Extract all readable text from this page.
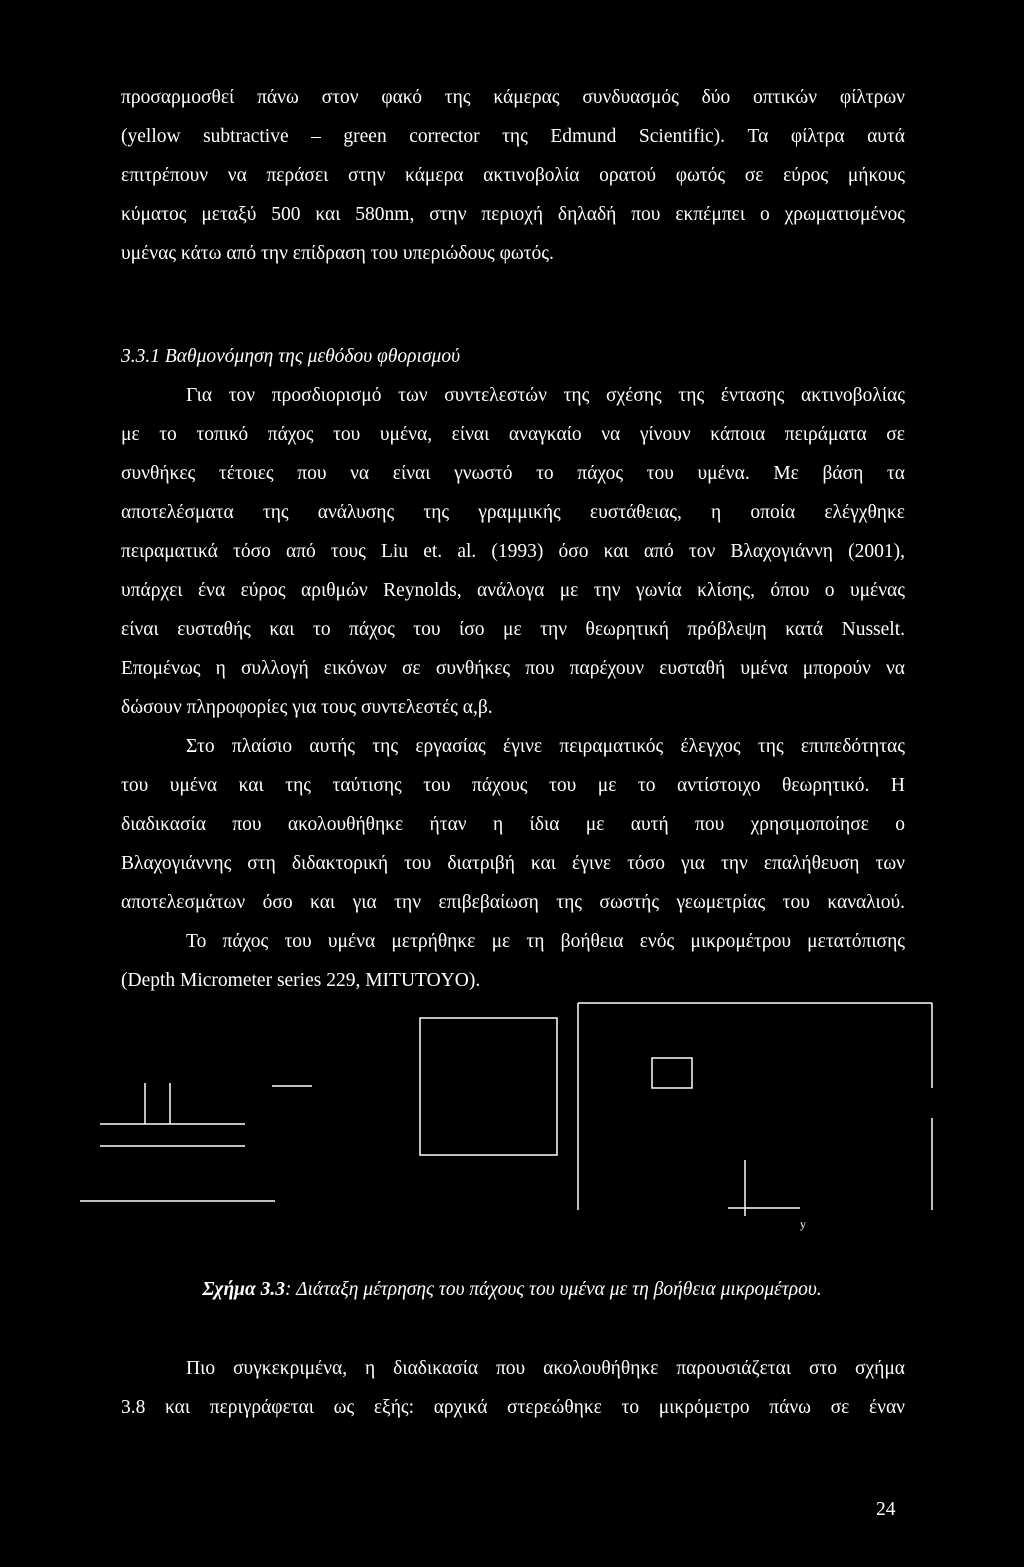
προσαρμοσθεί πάνω στον φακό της κάμερας συνδυασμός δύο οπτικών φίλτρων
(yellow subtractive – green corrector της Edmund Scientific). Τα φίλτρα αυτά
επιτρέπουν να περάσει στην κάμερα ακτινοβολία ορατού φωτός σε εύρος μήκους
κύματος μεταξύ 500 και 580nm, στην περιοχή δηλαδή που εκπέμπει ο χρωματισμένος
υμένας κάτω από την επίδραση του υπεριώδους φωτός.
3.3.1 Βαθμονόμηση της μεθόδου φθορισμού
Για τον προσδιορισμό των συντελεστών της σχέσης της έντασης ακτινοβολίας
με το τοπικό πάχος του υμένα, είναι αναγκαίο να γίνουν κάποια πειράματα σε
συνθήκες τέτοιες που να είναι γνωστό το πάχος του υμένα. Με βάση τα
αποτελέσματα της ανάλυσης της γραμμικής ευστάθειας, η οποία ελέγχθηκε
πειραματικά τόσο από τους Liu et. al. (1993) όσο και από τον Βλαχογιάννη (2001),
υπάρχει ένα εύρος αριθμών Reynolds, ανάλογα με την γωνία κλίσης, όπου ο υμένας
είναι ευσταθής και το πάχος του ίσο με την θεωρητική πρόβλεψη κατά Nusselt.
Επομένως η συλλογή εικόνων σε συνθήκες που παρέχουν ευσταθή υμένα μπορούν να
δώσουν πληροφορίες για τους συντελεστές α,β.
Στο πλαίσιο αυτής της εργασίας έγινε πειραματικός έλεγχος της επιπεδότητας
του υμένα και της ταύτισης του πάχους του με το αντίστοιχο θεωρητικό. Η
διαδικασία που ακολουθήθηκε ήταν η ίδια με αυτή που χρησιμοποίησε ο
Βλαχογιάννης στη διδακτορική του διατριβή και έγινε τόσο για την επαλήθευση των
αποτελεσμάτων όσο και για την επιβεβαίωση της σωστής γεωμετρίας του καναλιού.
Το πάχος του υμένα μετρήθηκε με τη βοήθεια ενός μικρομέτρου μετατόπισης
(Depth Micrometer series 229, MITUTOYO).
y
Σχήμα 3.3: Διάταξη μέτρησης του πάχους του υμένα με τη βοήθεια μικρομέτρου.
Πιο συγκεκριμένα, η διαδικασία που ακολουθήθηκε παρουσιάζεται στο σχήμα
3.8 και περιγράφεται ως εξής: αρχικά στερεώθηκε το μικρόμετρο πάνω σε έναν
24
